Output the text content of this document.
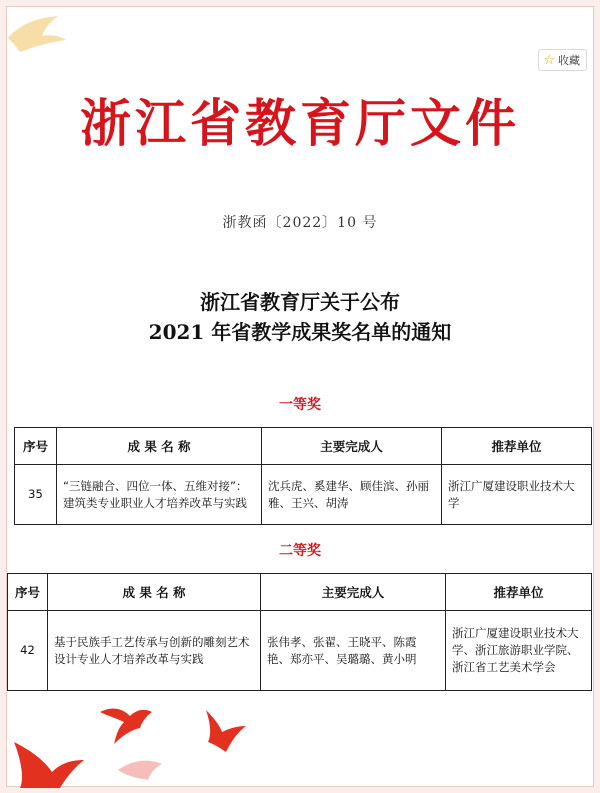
☆ 收藏
浙江省教育厅文件
浙教函〔2022〕10 号
浙江省教育厅关于公布
2021 年省教学成果奖名单的通知
一等奖
序号	成 果 名 称	主要完成人	推荐单位
35	“三链融合、四位一体、五维对接”：建筑类专业职业人才培养改革与实践	沈兵虎、奚建华、顾佳滨、孙丽雅、王兴、胡涛	浙江广厦建设职业技术大学
二等奖
序号	成 果 名 称	主要完成人	推荐单位
42	基于民族手工艺传承与创新的雕刻艺术设计专业人才培养改革与实践	张伟孝、张翟、王晓平、陈霞艳、郑亦平、吴璐璐、黄小明	浙江广厦建设职业技术大学、浙江旅游职业学院、浙江省工艺美术学会
